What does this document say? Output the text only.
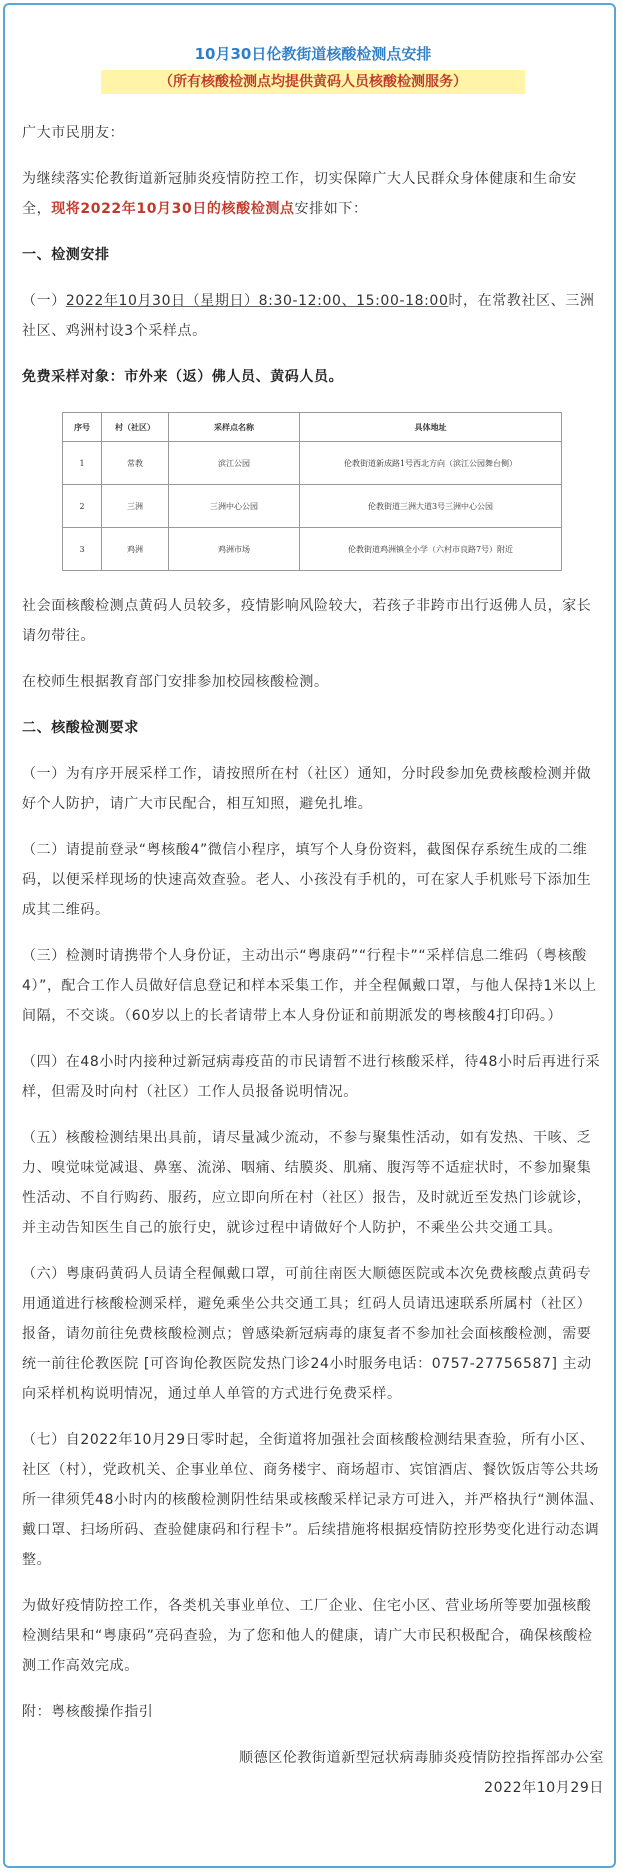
10月30日伦教街道核酸检测点安排
（所有核酸检测点均提供黄码人员核酸检测服务）

广大市民朋友：

为继续落实伦教街道新冠肺炎疫情防控工作，切实保障广大人民群众身体健康和生命安全，现将2022年10月30日的核酸检测点安排如下：

一、检测安排

（一）2022年10月30日（星期日）8:30-12:00、15:00-18:00时，在常教社区、三洲社区、鸡洲村设3个采样点。

免费采样对象：市外来（返）佛人员、黄码人员。

序号	村（社区）	采样点名称	具体地址
1	常教	滨江公园	伦教街道新成路1号西北方向（滨江公园舞台侧）
2	三洲	三洲中心公园	伦教街道三洲大道3号三洲中心公园
3	鸡洲	鸡洲市场	伦教街道鸡洲镇全小学（六村市良路7号）附近

社会面核酸检测点黄码人员较多，疫情影响风险较大，若孩子非跨市出行返佛人员，家长请勿带往。

在校师生根据教育部门安排参加校园核酸检测。

二、核酸检测要求

（一）为有序开展采样工作，请按照所在村（社区）通知，分时段参加免费核酸检测并做好个人防护，请广大市民配合，相互知照，避免扎堆。

（二）请提前登录“粤核酸4”微信小程序，填写个人身份资料，截图保存系统生成的二维码，以便采样现场的快速高效查验。老人、小孩没有手机的，可在家人手机账号下添加生成其二维码。

（三）检测时请携带个人身份证，主动出示“粤康码”“行程卡”“采样信息二维码（粤核酸4）”，配合工作人员做好信息登记和样本采集工作，并全程佩戴口罩，与他人保持1米以上间隔，不交谈。（60岁以上的长者请带上本人身份证和前期派发的粤核酸4打印码。）

（四）在48小时内接种过新冠病毒疫苗的市民请暂不进行核酸采样，待48小时后再进行采样，但需及时向村（社区）工作人员报备说明情况。

（五）核酸检测结果出具前，请尽量减少流动，不参与聚集性活动，如有发热、干咳、乏力、嗅觉味觉减退、鼻塞、流涕、咽痛、结膜炎、肌痛、腹泻等不适症状时，不参加聚集性活动、不自行购药、服药，应立即向所在村（社区）报告，及时就近至发热门诊就诊，并主动告知医生自己的旅行史，就诊过程中请做好个人防护，不乘坐公共交通工具。

（六）粤康码黄码人员请全程佩戴口罩，可前往南医大顺德医院或本次免费核酸点黄码专用通道进行核酸检测采样，避免乘坐公共交通工具；红码人员请迅速联系所属村（社区）报备，请勿前往免费核酸检测点；曾感染新冠病毒的康复者不参加社会面核酸检测，需要统一前往伦教医院 [可咨询伦教医院发热门诊24小时服务电话：0757-27756587] 主动向采样机构说明情况，通过单人单管的方式进行免费采样。

（七）自2022年10月29日零时起，全街道将加强社会面核酸检测结果查验，所有小区、社区（村），党政机关、企事业单位、商务楼宇、商场超市、宾馆酒店、餐饮饭店等公共场所一律须凭48小时内的核酸检测阴性结果或核酸采样记录方可进入，并严格执行“测体温、戴口罩、扫场所码、查验健康码和行程卡”。后续措施将根据疫情防控形势变化进行动态调整。

为做好疫情防控工作，各类机关事业单位、工厂企业、住宅小区、营业场所等要加强核酸检测结果和“粤康码”亮码查验，为了您和他人的健康，请广大市民积极配合，确保核酸检测工作高效完成。

附：粤核酸操作指引

顺德区伦教街道新型冠状病毒肺炎疫情防控指挥部办公室

2022年10月29日
